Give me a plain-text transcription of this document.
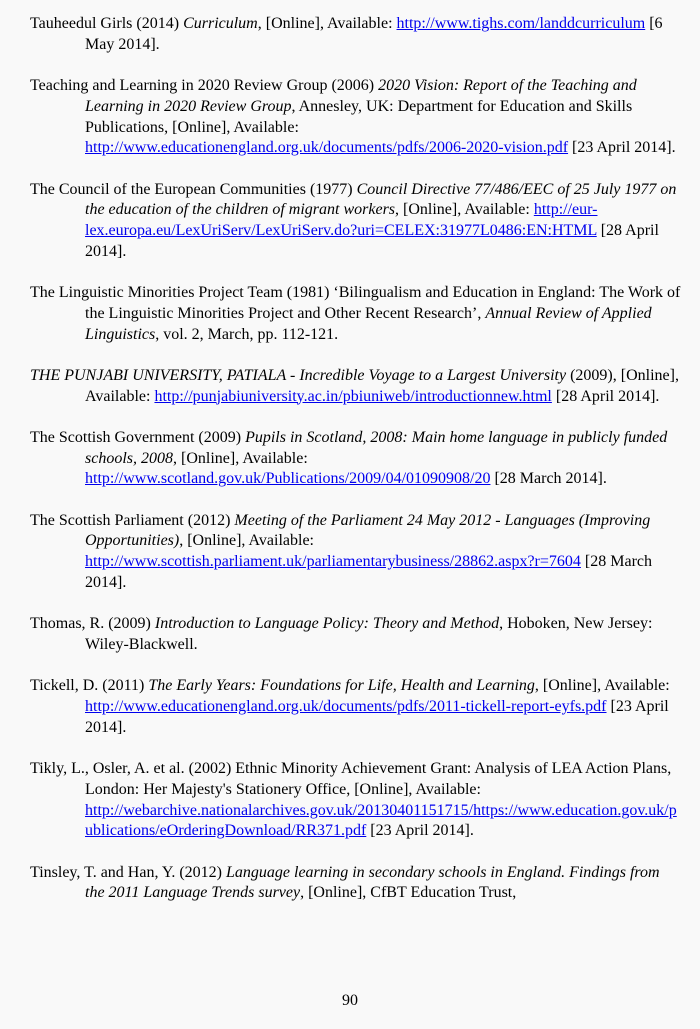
Tauheedul Girls (2014) Curriculum, [Online], Available: http://www.tighs.com/landdcurriculum [6 May 2014].

Teaching and Learning in 2020 Review Group (2006) 2020 Vision: Report of the Teaching and Learning in 2020 Review Group, Annesley, UK: Department for Education and Skills Publications, [Online], Available: http://www.educationengland.org.uk/documents/pdfs/2006-2020-vision.pdf [23 April 2014].

The Council of the European Communities (1977) Council Directive 77/486/EEC of 25 July 1977 on the education of the children of migrant workers, [Online], Available: http://eur-lex.europa.eu/LexUriServ/LexUriServ.do?uri=CELEX:31977L0486:EN:HTML [28 April 2014].

The Linguistic Minorities Project Team (1981) ‘Bilingualism and Education in England: The Work of the Linguistic Minorities Project and Other Recent Research’, Annual Review of Applied Linguistics, vol. 2, March, pp. 112-121.

THE PUNJABI UNIVERSITY, PATIALA - Incredible Voyage to a Largest University (2009), [Online], Available: http://punjabiuniversity.ac.in/pbiuniweb/introductionnew.html [28 April 2014].

The Scottish Government (2009) Pupils in Scotland, 2008: Main home language in publicly funded schools, 2008, [Online], Available: http://www.scotland.gov.uk/Publications/2009/04/01090908/20 [28 March 2014].

The Scottish Parliament (2012) Meeting of the Parliament 24 May 2012 - Languages (Improving Opportunities), [Online], Available: http://www.scottish.parliament.uk/parliamentarybusiness/28862.aspx?r=7604 [28 March 2014].

Thomas, R. (2009) Introduction to Language Policy: Theory and Method, Hoboken, New Jersey: Wiley-Blackwell.

Tickell, D. (2011) The Early Years: Foundations for Life, Health and Learning, [Online], Available: http://www.educationengland.org.uk/documents/pdfs/2011-tickell-report-eyfs.pdf [23 April 2014].

Tikly, L., Osler, A. et al. (2002) Ethnic Minority Achievement Grant: Analysis of LEA Action Plans, London: Her Majesty's Stationery Office, [Online], Available: http://webarchive.nationalarchives.gov.uk/20130401151715/https://www.education.gov.uk/publications/eOrderingDownload/RR371.pdf [23 April 2014].

Tinsley, T. and Han, Y. (2012) Language learning in secondary schools in England. Findings from the 2011 Language Trends survey, [Online], CfBT Education Trust,

90
